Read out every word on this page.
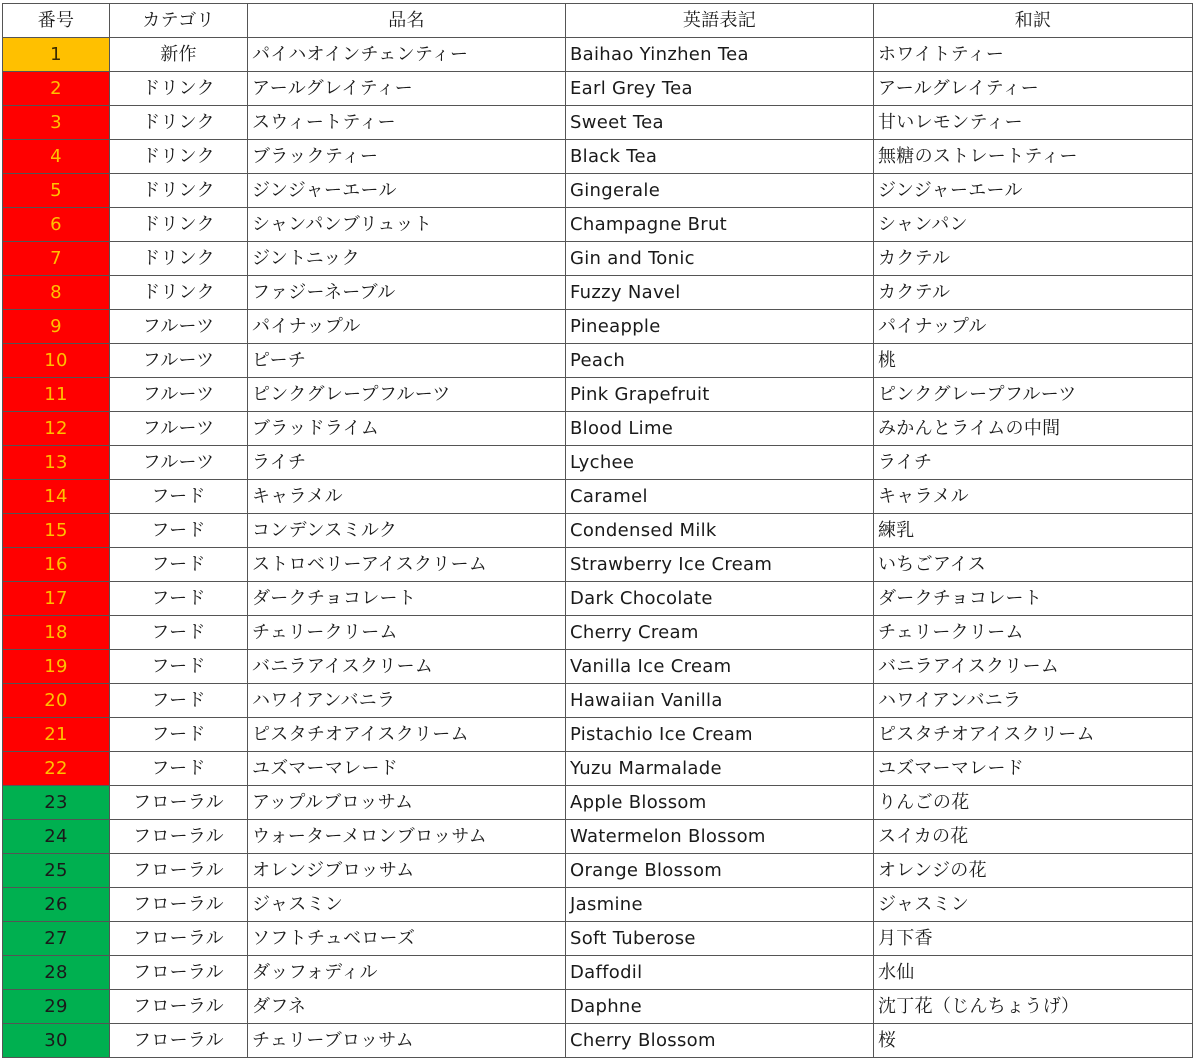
番号	カテゴリ	品名	英語表記	和訳
1	新作	パイハオインチェンティー	Baihao Yinzhen Tea	ホワイトティー
2	ドリンク	アールグレイティー	Earl Grey Tea	アールグレイティー
3	ドリンク	スウィートティー	Sweet Tea	甘いレモンティー
4	ドリンク	ブラックティー	Black Tea	無糖のストレートティー
5	ドリンク	ジンジャーエール	Gingerale	ジンジャーエール
6	ドリンク	シャンパンブリュット	Champagne Brut	シャンパン
7	ドリンク	ジントニック	Gin and Tonic	カクテル
8	ドリンク	ファジーネーブル	Fuzzy Navel	カクテル
9	フルーツ	パイナップル	Pineapple	パイナップル
10	フルーツ	ピーチ	Peach	桃
11	フルーツ	ピンクグレープフルーツ	Pink Grapefruit	ピンクグレープフルーツ
12	フルーツ	ブラッドライム	Blood Lime	みかんとライムの中間
13	フルーツ	ライチ	Lychee	ライチ
14	フード	キャラメル	Caramel	キャラメル
15	フード	コンデンスミルク	Condensed Milk	練乳
16	フード	ストロベリーアイスクリーム	Strawberry Ice Cream	いちごアイス
17	フード	ダークチョコレート	Dark Chocolate	ダークチョコレート
18	フード	チェリークリーム	Cherry Cream	チェリークリーム
19	フード	バニラアイスクリーム	Vanilla Ice Cream	バニラアイスクリーム
20	フード	ハワイアンバニラ	Hawaiian Vanilla	ハワイアンバニラ
21	フード	ピスタチオアイスクリーム	Pistachio Ice Cream	ピスタチオアイスクリーム
22	フード	ユズマーマレード	Yuzu Marmalade	ユズマーマレード
23	フローラル	アップルブロッサム	Apple Blossom	りんごの花
24	フローラル	ウォーターメロンブロッサム	Watermelon Blossom	スイカの花
25	フローラル	オレンジブロッサム	Orange Blossom	オレンジの花
26	フローラル	ジャスミン	Jasmine	ジャスミン
27	フローラル	ソフトチュベローズ	Soft Tuberose	月下香
28	フローラル	ダッフォディル	Daffodil	水仙
29	フローラル	ダフネ	Daphne	沈丁花（じんちょうげ）
30	フローラル	チェリーブロッサム	Cherry Blossom	桜
